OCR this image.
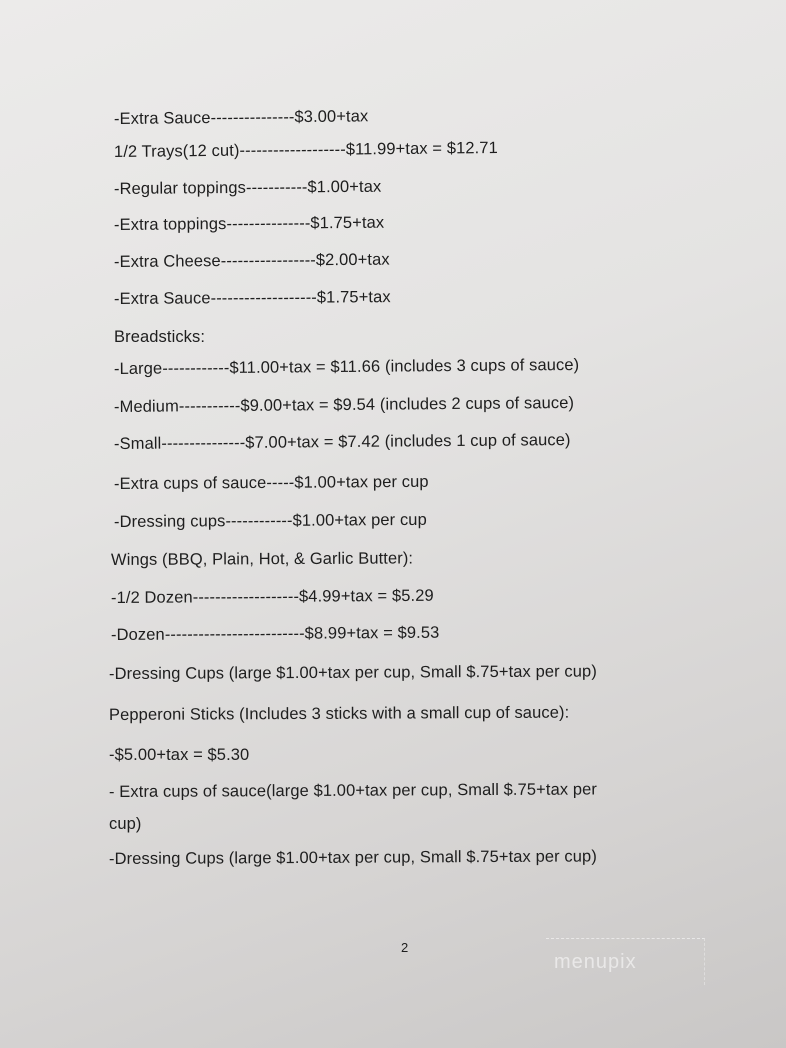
-Extra Sauce---------------$3.00+tax
1/2 Trays(12 cut)-------------------$11.99+tax = $12.71
-Regular toppings-----------$1.00+tax
-Extra toppings---------------$1.75+tax
-Extra Cheese-----------------$2.00+tax
-Extra Sauce-------------------$1.75+tax
Breadsticks:
-Large------------$11.00+tax = $11.66 (includes 3 cups of sauce)
-Medium-----------$9.00+tax = $9.54 (includes 2 cups of sauce)
-Small---------------$7.00+tax = $7.42 (includes 1 cup of sauce)
-Extra cups of sauce-----$1.00+tax per cup
-Dressing cups------------$1.00+tax per cup
Wings (BBQ, Plain, Hot, & Garlic Butter):
-1/2 Dozen-------------------$4.99+tax = $5.29
-Dozen-------------------------$8.99+tax = $9.53
-Dressing Cups (large $1.00+tax per cup, Small $.75+tax per cup)
Pepperoni Sticks (Includes 3 sticks with a small cup of sauce):
-$5.00+tax = $5.30
- Extra cups of sauce(large $1.00+tax per cup, Small $.75+tax per
cup)
-Dressing Cups (large $1.00+tax per cup, Small $.75+tax per cup)
2
menupix
